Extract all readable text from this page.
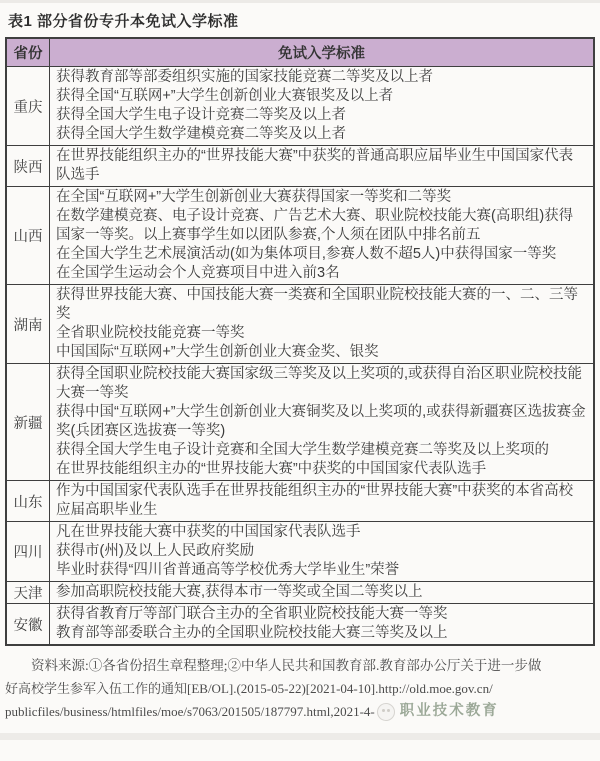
表1 部分省份专升本免试入学标准
省份	免试入学标准
重庆	获得教育部等部委组织实施的国家技能竞赛二等奖及以上者
获得全国“互联网+”大学生创新创业大赛银奖及以上者
获得全国大学生电子设计竞赛二等奖及以上者
获得全国大学生数学建模竞赛二等奖及以上者

陕西	在世界技能组织主办的“世界技能大赛”中获奖的普通高职应届毕业生中国国家代表队选手

山西	在全国“互联网+”大学生创新创业大赛获得国家一等奖和二等奖
在数学建模竞赛、电子设计竞赛、广告艺术大赛、职业院校技能大赛(高职组)获得国家一等奖。以上赛事学生如以团队参赛,个人须在团队中排名前五
在全国大学生艺术展演活动(如为集体项目,参赛人数不超5人)中获得国家一等奖
在全国学生运动会个人竞赛项目中进入前3名

湖南	获得世界技能大赛、中国技能大赛一类赛和全国职业院校技能大赛的一、二、三等奖
全省职业院校技能竞赛一等奖
中国国际“互联网+”大学生创新创业大赛金奖、银奖

新疆	获得全国职业院校技能大赛国家级三等奖及以上奖项的,或获得自治区职业院校技能大赛一等奖
获得中国“互联网+”大学生创新创业大赛铜奖及以上奖项的,或获得新疆赛区选拔赛金奖(兵团赛区选拔赛一等奖)
获得全国大学生电子设计竞赛和全国大学生数学建模竞赛二等奖及以上奖项的
在世界技能组织主办的“世界技能大赛”中获奖的中国国家代表队选手

山东	作为中国国家代表队选手在世界技能组织主办的“世界技能大赛”中获奖的本省高校应届高职毕业生

四川	凡在世界技能大赛中获奖的中国国家代表队选手
获得市(州)及以上人民政府奖励
毕业时获得“四川省普通高等学校优秀大学毕业生”荣誉

天津	参加高职院校技能大赛,获得本市一等奖或全国二等奖以上

安徽	获得省教育厅等部门联合主办的全省职业院校技能大赛一等奖
教育部等部委联合主办的全国职业院校技能大赛三等奖及以上
资料来源:①各省份招生章程整理;②中华人民共和国教育部.教育部办公厅关于进一步做
好高校学生参军入伍工作的通知[EB/OL].(2015-05-22)[2021-04-10].http://old.moe.gov.cn/
publicfiles/business/htmlfiles/moe/s7063/201505/187797.html,2021-4- 职业技术教育
